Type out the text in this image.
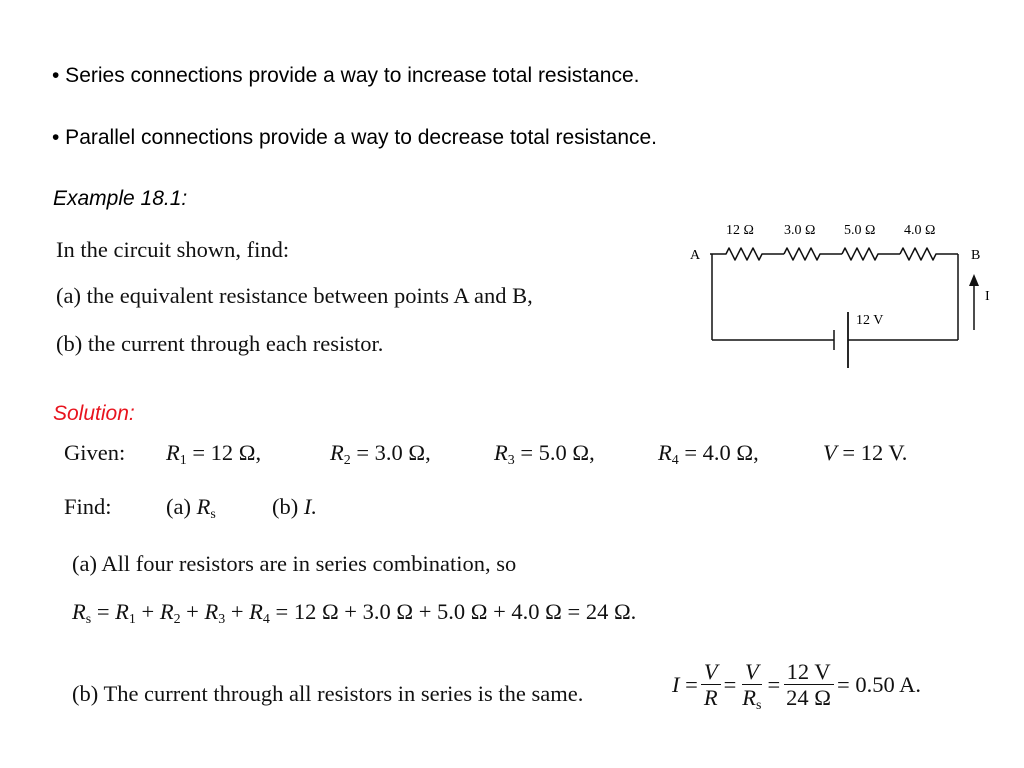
• Series connections provide a way to increase total resistance.
• Parallel connections provide a way to decrease total resistance.
Example 18.1:
In the circuit shown, find:
(a) the equivalent resistance between points A and B,
(b) the current through each resistor.
12 Ω 3.0 Ω 5.0 Ω 4.0 Ω
A	B
I
12 V
Solution:
Given: $R_1 = 12$ Ω,	$R_2 = 3.0$ Ω,	$R_3 = 5.0$ Ω,	$R_4 = 4.0$ Ω,	V = 12 V.
Find: (a) $R_s$ (b) I.
(a) All four resistors are in series combination, so
$R_s = R_1 + R_2 + R_3 + R_4 = 12$ Ω + 3.0 Ω + 5.0 Ω + 4.0 Ω = 24 Ω.
(b) The current through all resistors in series is the same.	$I = \frac{V}{R} = \frac{V}{R_s} = \frac{12 V}{24 \Omega} = 0.50$ A.
